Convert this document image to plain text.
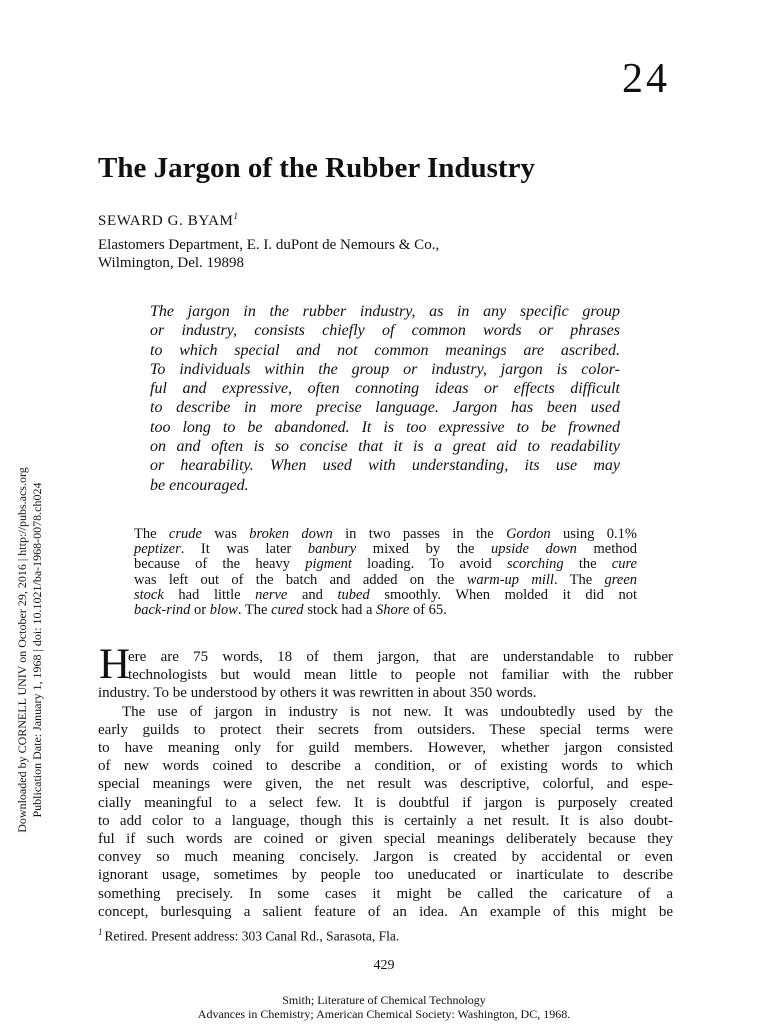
24
The Jargon of the Rubber Industry
SEWARD G. BYAM$^1$
Elastomers Department, E. I. duPont de Nemours & Co.,
Wilmington, Del. 19898
The jargon in the rubber industry, as in any specific group
or industry, consists chiefly of common words or phrases
to which special and not common meanings are ascribed.
To individuals within the group or industry, jargon is color-
ful and expressive, often connoting ideas or effects difficult
to describe in more precise language. Jargon has been used
too long to be abandoned. It is too expressive to be frowned
on and often is so concise that it is a great aid to readability
or hearability. When used with understanding, its use may
be encouraged.
The crude was broken down in two passes in the Gordon using 0.1%
peptizer. It was later banbury mixed by the upside down method
because of the heavy pigment loading. To avoid scorching the cure
was left out of the batch and added on the warm-up mill. The green
stock had little nerve and tubed smoothly. When molded it did not
back-rind or blow. The cured stock had a Shore of 65.
H
ere are 75 words, 18 of them jargon, that are understandable to rubber
technologists but would mean little to people not familiar with the rubber
industry. To be understood by others it was rewritten in about 350 words.
The use of jargon in industry is not new. It was undoubtedly used by the
early guilds to protect their secrets from outsiders. These special terms were
to have meaning only for guild members. However, whether jargon consisted
of new words coined to describe a condition, or of existing words to which
special meanings were given, the net result was descriptive, colorful, and espe-
cially meaningful to a select few. It is doubtful if jargon is purposely created
to add color to a language, though this is certainly a net result. It is also doubt-
ful if such words are coined or given special meanings deliberately because they
convey so much meaning concisely. Jargon is created by accidental or even
ignorant usage, sometimes by people too uneducated or inarticulate to describe
something precisely. In some cases it might be called the caricature of a
concept, burlesquing a salient feature of an idea. An example of this might be
$^1$ Retired. Present address: 303 Canal Rd., Sarasota, Fla.
429
Smith; Literature of Chemical Technology
Advances in Chemistry; American Chemical Society: Washington, DC, 1968.
Downloaded by CORNELL UNIV on October 29, 2016 | http://pubs.acs.org Publication Date: January 1, 1968 | doi: 10.1021/ba-1968-0078.ch024
